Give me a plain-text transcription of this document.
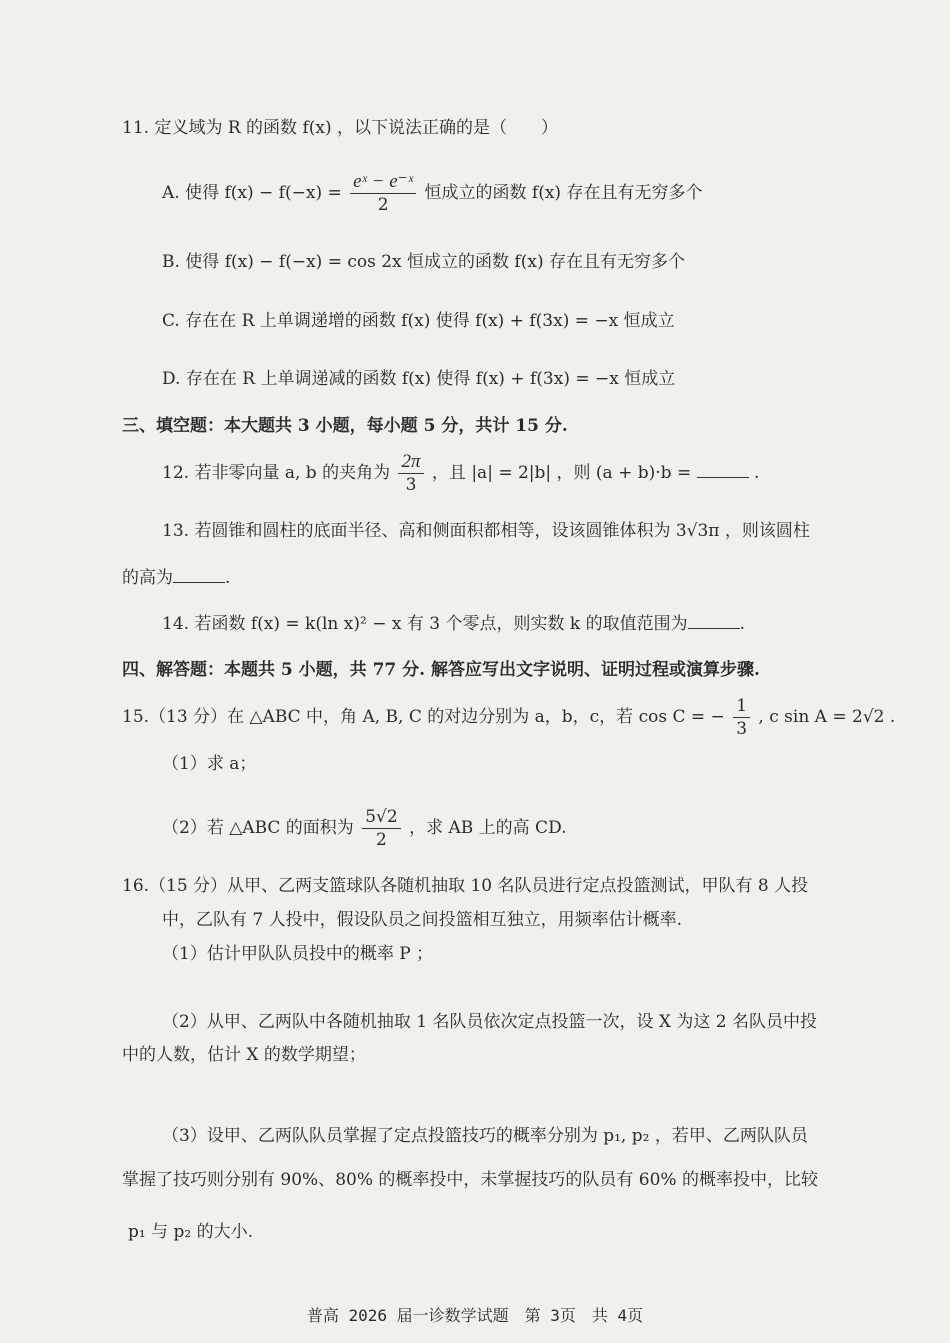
11. 定义域为 R 的函数 f(x) ，以下说法正确的是（　　）
A. 使得 $f(x) - f(-x) = \frac{\text{eˣ − e⁻ˣ}}{2}$ 恒成立的函数 f(x) 存在且有无穷多个
B. 使得 f(x) − f(−x) = cos 2x 恒成立的函数 f(x) 存在且有无穷多个
C. 存在在 R 上单调递增的函数 f(x) 使得 f(x) + f(3x) = −x 恒成立
D. 存在在 R 上单调递减的函数 f(x) 使得 f(x) + f(3x) = −x 恒成立
三、填空题：本大题共 3 小题，每小题 5 分，共计 15 分.
12. 若非零向量 a, b 的夹角为 $\frac{2\pi}{3}$ ，且 |a| = 2|b| ，则 (a + b)·b =	.
13. 若圆锥和圆柱的底面半径、高和侧面积都相等，设该圆锥体积为 3√3π ，则该圆柱
的高为	.
14. 若函数 f(x) = k(ln x)² − x 有 3 个零点，则实数 k 的取值范围为	.
四、解答题：本题共 5 小题，共 77 分. 解答应写出文字说明、证明过程或演算步骤.
15.（13 分）在 △ABC 中，角 A, B, C 的对边分别为 a，b，c，若 cos C = − $\frac{1}{3}$ , c sin A = 2√2 .
（1）求 a；
（2）若 △ABC 的面积为 $\frac{5√2}{2}$ ，求 AB 上的高 CD.
16.（15 分）从甲、乙两支篮球队各随机抽取 10 名队员进行定点投篮测试，甲队有 8 人投
中，乙队有 7 人投中，假设队员之间投篮相互独立，用频率估计概率.
（1）估计甲队队员投中的概率 P ；
（2）从甲、乙两队中各随机抽取 1 名队员依次定点投篮一次，设 X 为这 2 名队员中投
中的人数，估计 X 的数学期望；
（3）设甲、乙两队队员掌握了定点投篮技巧的概率分别为 p₁, p₂ ，若甲、乙两队队员
掌握了技巧则分别有 90%、80% 的概率投中，未掌握技巧的队员有 60% 的概率投中，比较
p₁ 与 p₂ 的大小.
普高 2026 届一诊数学试题　第 3页　共 4页
